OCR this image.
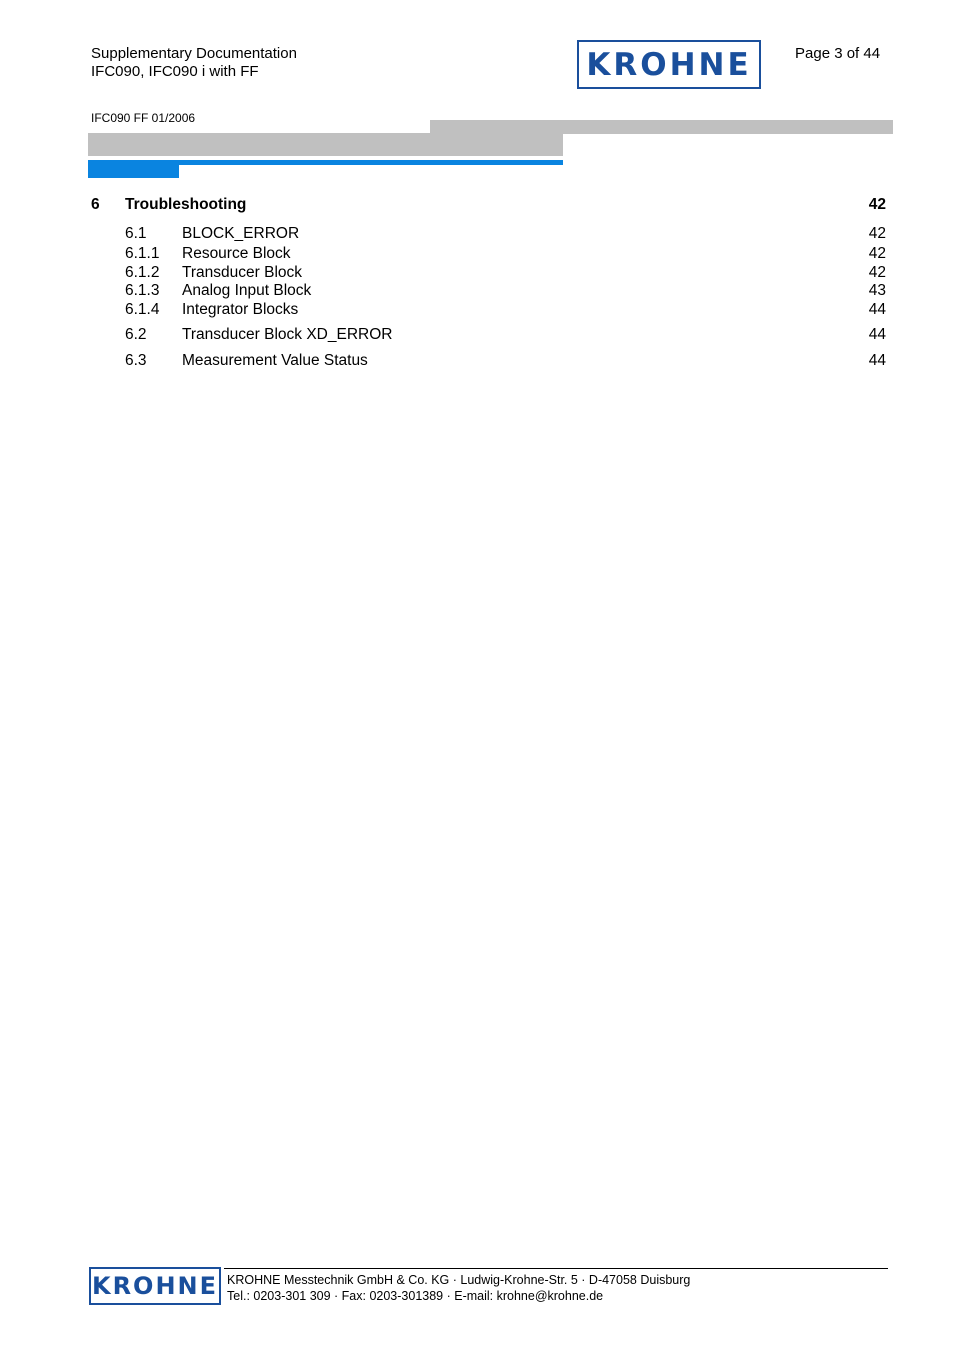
Supplementary Documentation
IFC090, IFC090 i with FF
IFC090 FF 01/2006
Page 3 of 44
KROHNE
6 Troubleshooting	42
6.1 BLOCK_ERROR	42
6.1.1 Resource Block	42
6.1.2 Transducer Block	42
6.1.3 Analog Input Block	43
6.1.4 Integrator Blocks	44
6.2 Transducer Block XD_ERROR	44
6.3 Measurement Value Status	44
KROHNE KROHNE Messtechnik GmbH & Co. KG · Ludwig-Krohne-Str. 5 · D-47058 Duisburg
Tel.: 0203-301 309 · Fax: 0203-301389 · E-mail: krohne@krohne.de
